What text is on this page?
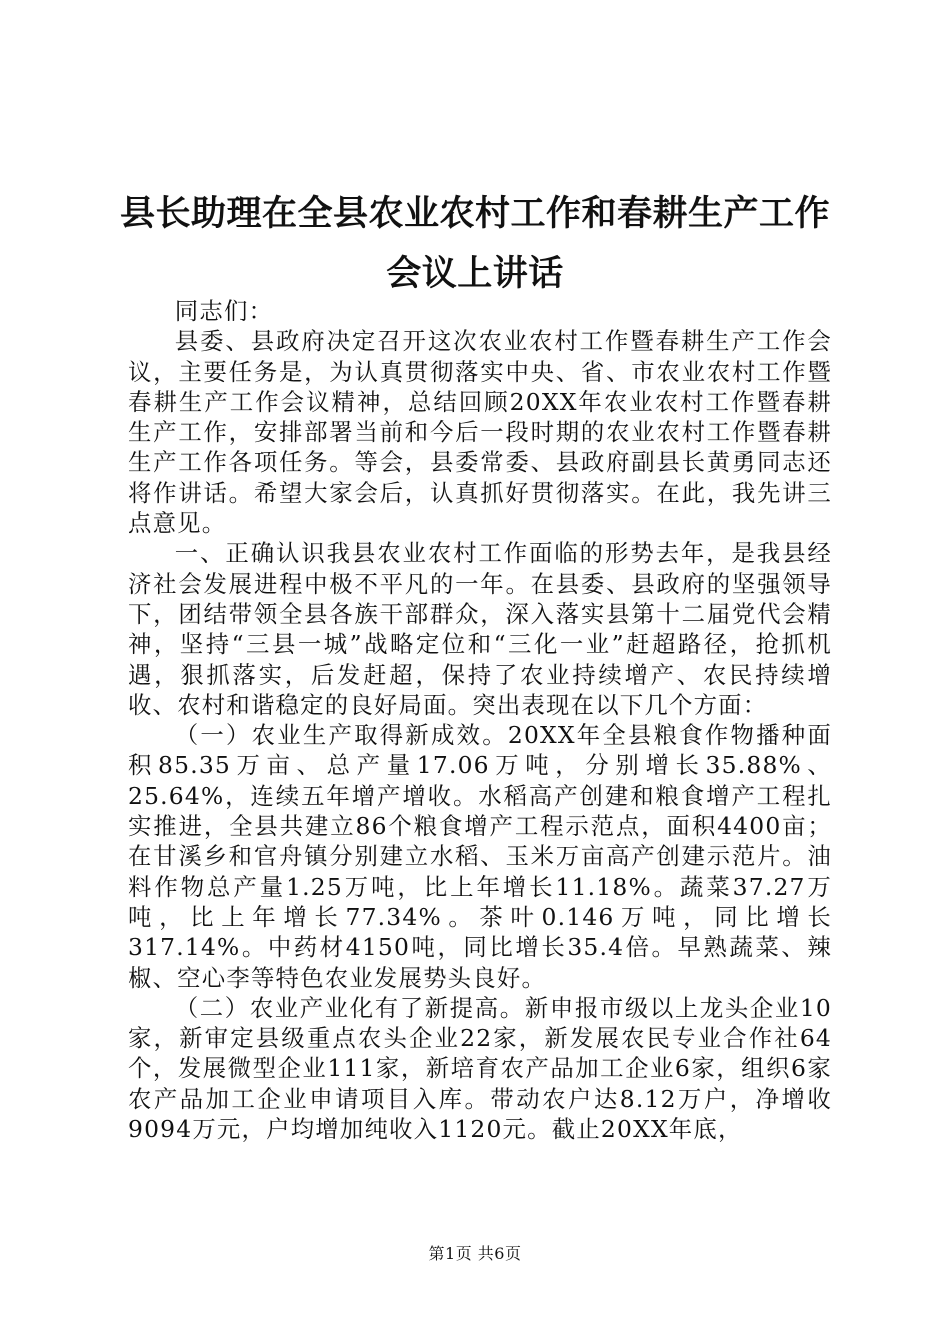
县长助理在全县农业农村工作和春耕生产工作
会议上讲话

同志们：

县委、县政府决定召开这次农业农村工作暨春耕生产工作会议，主要任务是，为认真贯彻落实中央、省、市农业农村工作暨春耕生产工作会议精神，总结回顾20XX年农业农村工作暨春耕生产工作，安排部署当前和今后一段时期的农业农村工作暨春耕生产工作各项任务。等会，县委常委、县政府副县长黄勇同志还将作讲话。希望大家会后，认真抓好贯彻落实。在此，我先讲三点意见。

一、正确认识我县农业农村工作面临的形势去年，是我县经济社会发展进程中极不平凡的一年。在县委、县政府的坚强领导下，团结带领全县各族干部群众，深入落实县第十二届党代会精神，坚持“三县一城”战略定位和“三化一业”赶超路径，抢抓机遇，狠抓落实，后发赶超，保持了农业持续增产、农民持续增收、农村和谐稳定的良好局面。突出表现在以下几个方面：

（一）农业生产取得新成效。20XX年全县粮食作物播种面积85.35万亩、总产量17.06万吨，分别增长35.88%、25.64%，连续五年增产增收。水稻高产创建和粮食增产工程扎实推进，全县共建立86个粮食增产工程示范点，面积4400亩；在甘溪乡和官舟镇分别建立水稻、玉米万亩高产创建示范片。油料作物总产量1.25万吨，比上年增长11.18%。蔬菜37.27万吨，比上年增长77.34%。茶叶0.146万吨，同比增长317.14%。中药材4150吨，同比增长35.4倍。早熟蔬菜、辣椒、空心李等特色农业发展势头良好。

（二）农业产业化有了新提高。新申报市级以上龙头企业10家，新审定县级重点农头企业22家，新发展农民专业合作社64个，发展微型企业111家，新培育农产品加工企业6家，组织6家农产品加工企业申请项目入库。带动农户达8.12万户，净增收9094万元，户均增加纯收入1120元。截止20XX年底，

第1页 共6页
